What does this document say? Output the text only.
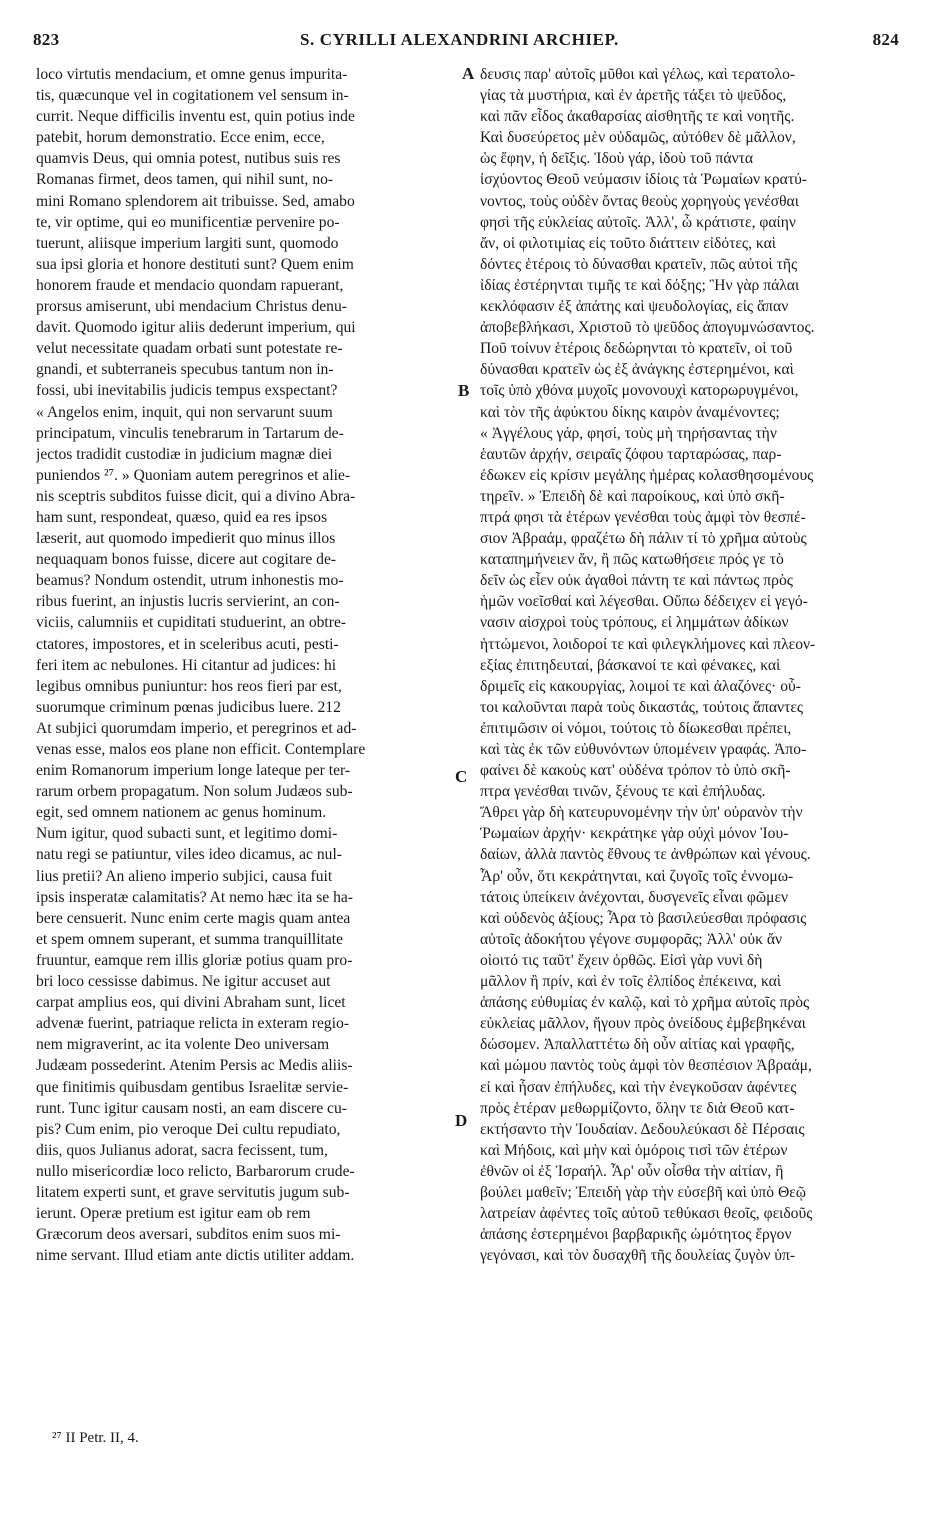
823	S. CYRILLI ALEXANDRINI ARCHIEP.	824
loco virtutis mendacium, et omne genus impurita-
tis, quæcunque vel in cogitationem vel sensum in-
currit. Neque difficilis inventu est, quin potius inde
patebit, horum demonstratio. Ecce enim, ecce,
quamvis Deus, qui omnia potest, nutibus suis res
Romanas firmet, deos tamen, qui nihil sunt, no-
mini Romano splendorem ait tribuisse. Sed, amabo
te, vir optime, qui eo munificentiæ pervenire po-
tuerunt, aliisque imperium largiti sunt, quomodo
sua ipsi gloria et honore destituti sunt? Quem enim
honorem fraude et mendacio quondam rapuerant,
prorsus amiserunt, ubi mendacium Christus denu-
davit. Quomodo igitur aliis dederunt imperium, qui
velut necessitate quadam orbati sunt potestate re-
gnandi, et subterraneis specubus tantum non in-
fossi, ubi inevitabilis judicis tempus exspectant?
« Angelos enim, inquit, qui non servarunt suum
principatum, vinculis tenebrarum in Tartarum de-
jectos tradidit custodiæ in judicium magnæ diei
puniendos ²⁷. » Quoniam autem peregrinos et alie-
nis sceptris subditos fuisse dicit, qui a divino Abra-
ham sunt, respondeat, quæso, quid ea res ipsos
læserit, aut quomodo impedierit quo minus illos
nequaquam bonos fuisse, dicere aut cogitare de-
beamus? Nondum ostendit, utrum inhonestis mo-
ribus fuerint, an injustis lucris servierint, an con-
viciis, calumniis et cupiditati studuerint, an obtre-
ctatores, impostores, et in sceleribus acuti, pesti-
feri item ac nebulones. Hi citantur ad judices: hi
legibus omnibus puniuntur: hos reos fieri par est,
suorumque criminum pœnas judicibus luere. 212
At subjici quorumdam imperio, et peregrinos et ad-
venas esse, malos eos plane non efficit. Contemplare
enim Romanorum imperium longe lateque per ter-
rarum orbem propagatum. Non solum Judæos sub-
egit, sed omnem nationem ac genus hominum.
Num igitur, quod subacti sunt, et legitimo domi-
natu regi se patiuntur, viles ideo dicamus, ac nul-
lius pretii? An alieno imperio subjici, causa fuit
ipsis insperatæ calamitatis? At nemo hæc ita se ha-
bere censuerit. Nunc enim certe magis quam antea
et spem omnem superant, et summa tranquillitate
fruuntur, eamque rem illis gloriæ potius quam pro-
bri loco cessisse dabimus. Ne igitur accuset aut
carpat amplius eos, qui divini Abraham sunt, licet
advenæ fuerint, patriaque relicta in exteram regio-
nem migraverint, ac ita volente Deo universam
Judæam possederint. Atenim Persis ac Medis aliis-
que finitimis quibusdam gentibus Israelitæ servie-
runt. Tunc igitur causam nosti, an eam discere cu-
pis? Cum enim, pio veroque Dei cultu repudiato,
diis, quos Julianus adorat, sacra fecissent, tum,
nullo misericordiæ loco relicto, Barbarorum crude-
litatem experti sunt, et grave servitutis jugum sub-
ierunt. Operæ pretium est igitur eam ob rem
Græcorum deos aversari, subditos enim suos mi-
nime servant. Illud etiam ante dictis utiliter addam.
δευσις παρ' αὐτοῖς μῦθοι καὶ γέλως, καὶ τερατολο-
γίας τὰ μυστήρια, καὶ ἐν ἀρετῆς τάξει τὸ ψεῦδος,
καὶ πᾶν εἶδος ἀκαθαρσίας αἰσθητῆς τε καὶ νοητῆς.
Καὶ δυσεύρετος μὲν οὐδαμῶς, αὐτόθεν δὲ μᾶλλον,
ὡς ἔφην, ἡ δεῖξις. Ἰδοὺ γάρ, ἰδοὺ τοῦ πάντα
ἰσχύοντος Θεοῦ νεύμασιν ἰδίοις τὰ Ῥωμαίων κρατύ-
νοντος, τοὺς οὐδὲν ὄντας θεοὺς χορηγοὺς γενέσθαι
φησὶ τῆς εὐκλείας αὐτοῖς. Ἀλλ', ὦ κράτιστε, φαίην
ἄν, οἱ φιλοτιμίας εἰς τοῦτο διάττειν εἰδότες, καὶ
δόντες ἑτέροις τὸ δύνασθαι κρατεῖν, πῶς αὐτοὶ τῆς
ἰδίας ἐστέρηνται τιμῆς τε καὶ δόξης; Ἣν γὰρ πάλαι
κεκλόφασιν ἐξ ἀπάτης καὶ ψευδολογίας, εἰς ἅπαν
ἀποβεβλήκασι, Χριστοῦ τὸ ψεῦδος ἀπογυμνώσαντος.
Ποῦ τοίνυν ἑτέροις δεδώρηνται τὸ κρατεῖν, οἱ τοῦ
δύνασθαι κρατεῖν ὡς ἐξ ἀνάγκης ἐστερημένοι, καὶ
τοῖς ὑπὸ χθόνα μυχοῖς μονονουχὶ κατορωρυγμένοι,
καὶ τὸν τῆς ἀφύκτου δίκης καιρὸν ἀναμένοντες;
« Ἀγγέλους γάρ, φησί, τοὺς μὴ τηρήσαντας τὴν
ἑαυτῶν ἀρχήν, σειραῖς ζόφου ταρταρώσας, παρ-
έδωκεν εἰς κρίσιν μεγάλης ἡμέρας κολασθησομένους
τηρεῖν. » Ἐπειδὴ δὲ καὶ παροίκους, καὶ ὑπὸ σκῆ-
πτρά φησι τὰ ἑτέρων γενέσθαι τοὺς ἀμφὶ τὸν θεσπέ-
σιον Ἀβραάμ, φραζέτω δὴ πάλιν τί τὸ χρῆμα αὐτοὺς
καταπημήνειεν ἄν, ἢ πῶς κατωθήσειε πρός γε τὸ
δεῖν ὡς εἶεν οὐκ ἀγαθοὶ πάντη τε καὶ πάντως πρὸς
ἡμῶν νοεῖσθαί καὶ λέγεσθαι. Οὔπω δέδειχεν εἰ γεγό-
νασιν αἰσχροὶ τοὺς τρόπους, εἰ λημμάτων ἀδίκων
ἡττώμενοι, λοιδοροί τε καὶ φιλεγκλήμονες καὶ πλεον-
εξίας ἐπιτηδευταί, βάσκανοί τε καὶ φένακες, καὶ
δριμεῖς εἰς κακουργίας, λοιμοί τε καὶ ἀλαζόνες· οὗ-
τοι καλοῦνται παρὰ τοὺς δικαστάς, τούτοις ἅπαντες
ἐπιτιμῶσιν οἱ νόμοι, τούτοις τὸ δίωκεσθαι πρέπει,
καὶ τὰς ἐκ τῶν εὐθυνόντων ὑπομένειν γραφάς. Ἀπο-
φαίνει δὲ κακοὺς κατ' οὐδένα τρόπον τὸ ὑπὸ σκῆ-
πτρα γενέσθαι τινῶν, ξένους τε καὶ ἐπήλυδας.
Ἄθρει γὰρ δὴ κατευρυνομένην τὴν ὑπ' οὐρανὸν τὴν
Ῥωμαίων ἀρχήν· κεκράτηκε γὰρ οὐχὶ μόνον Ἰου-
δαίων, ἀλλὰ παντὸς ἔθνους τε ἀνθρώπων καὶ γένους.
Ἆρ' οὖν, ὅτι κεκράτηνται, καὶ ζυγοῖς τοῖς ἐννομω-
τάτοις ὑπείκειν ἀνέχονται, δυσγενεῖς εἶναι φῶμεν
καὶ οὐδενὸς ἀξίους; Ἆρα τὸ βασιλεύεσθαι πρόφασις
αὐτοῖς ἀδοκήτου γέγονε συμφορᾶς; Ἀλλ' οὐκ ἄν
οἰοιτό τις ταῦτ' ἔχειν ὀρθῶς. Εἰσὶ γὰρ νυνὶ δὴ
μᾶλλον ἢ πρίν, καὶ ἐν τοῖς ἐλπίδος ἐπέκεινα, καὶ
ἁπάσης εὐθυμίας ἐν καλῷ, καὶ τὸ χρῆμα αὐτοῖς πρὸς
εὐκλείας μᾶλλον, ἤγουν πρὸς ὀνείδους ἐμβεβηκέναι
δώσομεν. Ἀπαλλαττέτω δὴ οὖν αἰτίας καὶ γραφῆς,
καὶ μώμου παντὸς τοὺς ἀμφὶ τὸν θεσπέσιον Ἀβραάμ,
εἰ καὶ ἦσαν ἐπήλυδες, καὶ τὴν ἐνεγκοῦσαν ἀφέντες
πρὸς ἑτέραν μεθωρμίζοντο, ὅλην τε διὰ Θεοῦ κατ-
εκτήσαντο τὴν Ἰουδαίαν. Δεδουλεύκασι δὲ Πέρσαις
καὶ Μήδοις, καὶ μὴν καὶ ὁμόροις τισὶ τῶν ἑτέρων
ἐθνῶν οἱ ἐξ Ἰσραήλ. Ἆρ' οὖν οἶσθα τὴν αἰτίαν, ἢ
βούλει μαθεῖν; Ἐπειδὴ γὰρ τὴν εὐσεβῆ καὶ ὑπὸ Θεῷ
λατρείαν ἀφέντες τοῖς αὐτοῦ τεθύκασι θεοῖς, φειδοῦς
ἁπάσης ἐστερημένοι βαρβαρικῆς ὠμότητος ἔργον
γεγόνασι, καὶ τὸν δυσαχθῆ τῆς δουλείας ζυγὸν ὑπ-
A
B
C
D
²⁷ II Petr. II, 4.
